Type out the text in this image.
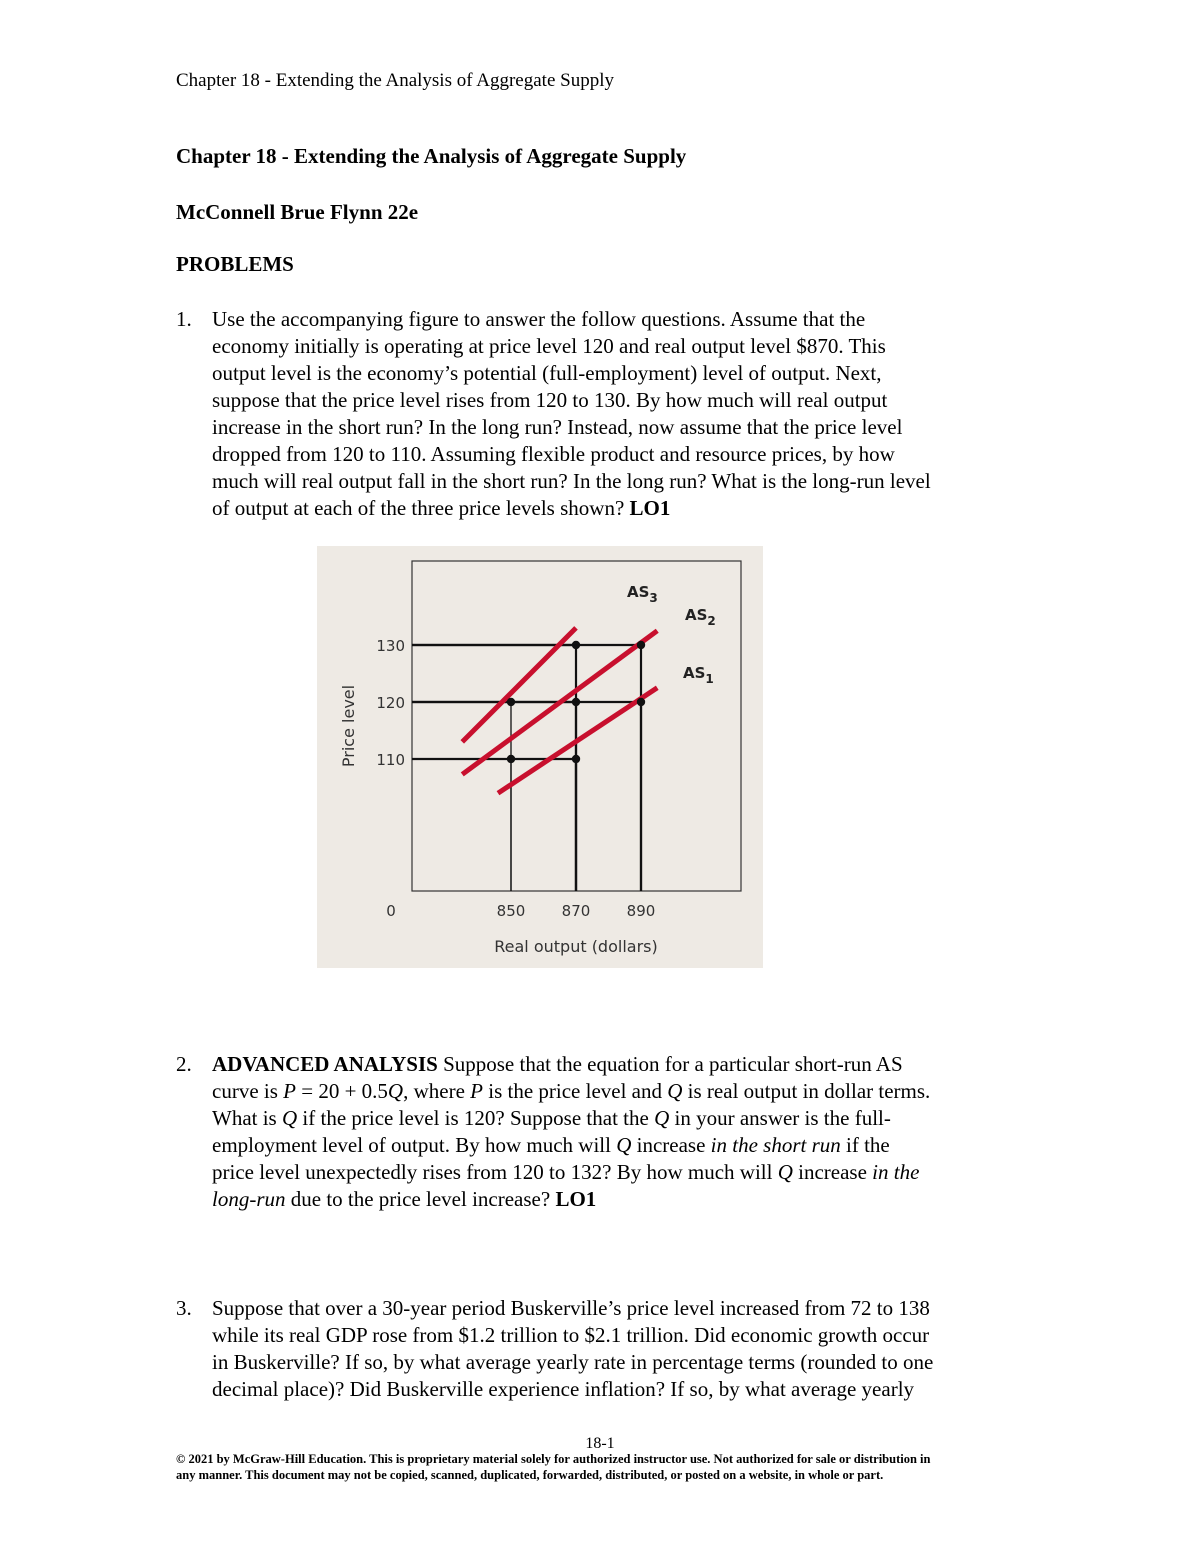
Chapter 18 - Extending the Analysis of Aggregate Supply
Chapter 18 - Extending the Analysis of Aggregate Supply
McConnell Brue Flynn 22e
PROBLEMS
1. Use the accompanying figure to answer the follow questions. Assume that the
economy initially is operating at price level 120 and real output level $870. This
output level is the economy’s potential (full-employment) level of output. Next,
suppose that the price level rises from 120 to 130. By how much will real output
increase in the short run? In the long run? Instead, now assume that the price level
dropped from 120 to 110. Assuming flexible product and resource prices, by how
much will real output fall in the short run? In the long run? What is the long-run level
of output at each of the three price levels shown? LO1
$AS_3$
$AS_2$
$AS_1$
110
120
130
850 870 890
0
Real output (dollars)
Price level
2. ADVANCED ANALYSIS Suppose that the equation for a particular short-run AS
curve is P = 20 + 0.5Q, where P is the price level and Q is real output in dollar terms.
What is Q if the price level is 120? Suppose that the Q in your answer is the full-
employment level of output. By how much will Q increase in the short run if the
price level unexpectedly rises from 120 to 132? By how much will Q increase in the
long-run due to the price level increase? LO1
3. Suppose that over a 30-year period Buskerville’s price level increased from 72 to 138
while its real GDP rose from $1.2 trillion to $2.1 trillion. Did economic growth occur
in Buskerville? If so, by what average yearly rate in percentage terms (rounded to one
decimal place)? Did Buskerville experience inflation? If so, by what average yearly
18-1
© 2021 by McGraw-Hill Education. This is proprietary material solely for authorized instructor use. Not authorized for sale or distribution in
any manner. This document may not be copied, scanned, duplicated, forwarded, distributed, or posted on a website, in whole or part.
